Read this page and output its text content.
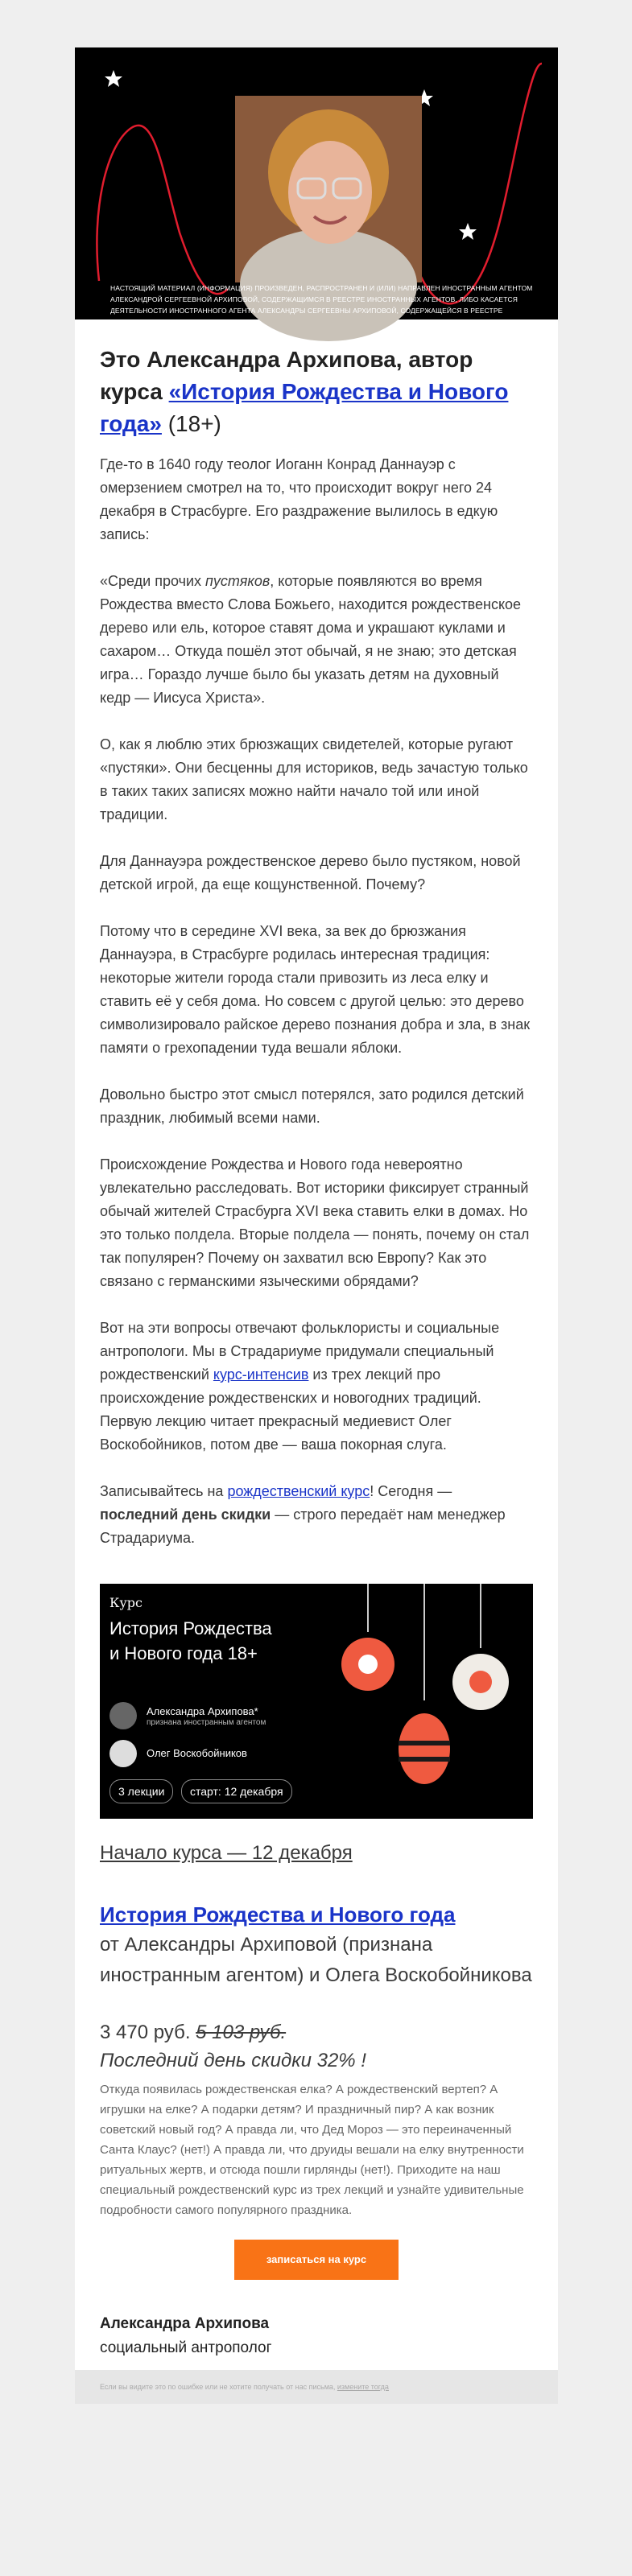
НАСТОЯЩИЙ МАТЕРИАЛ (ИНФОРМАЦИЯ) ПРОИЗВЕДЕН, РАСПРОСТРАНЕН И (ИЛИ) НАПРАВЛЕН ИНОСТРАННЫМ АГЕНТОМ АЛЕКСАНДРОЙ СЕРГЕЕВНОЙ АРХИПОВОЙ, СОДЕРЖАЩИМСЯ В РЕЕСТРЕ ИНОСТРАННЫХ АГЕНТОВ, ЛИБО КАСАЕТСЯ ДЕЯТЕЛЬНОСТИ ИНОСТРАННОГО АГЕНТА АЛЕКСАНДРЫ СЕРГЕЕВНЫ АРХИПОВОЙ, СОДЕРЖАЩЕЙСЯ В РЕЕСТРЕ ИНОСТРАННЫХ АГЕНТОВ 18+
Это Александра Архипова, автор курса «История Рождества и Нового года» (18+)

Где-то в 1640 году теолог Иоганн Конрад Даннауэр с омерзением смотрел на то, что происходит вокруг него 24 декабря в Страсбурге. Его раздражение вылилось в едкую запись:

«Среди прочих пустяков, которые появляются во время Рождества вместо Слова Божьего, находится рождественское дерево или ель, которое ставят дома и украшают куклами и сахаром… Откуда пошёл этот обычай, я не знаю; это детская игра… Гораздо лучше было бы указать детям на духовный кедр — Иисуса Христа».

О, как я люблю этих брюзжащих свидетелей, которые ругают «пустяки». Они бесценны для историков, ведь зачастую только в таких таких записях можно найти начало той или иной традиции.

Для Даннауэра рождественское дерево было пустяком, новой детской игрой, да еще кощунственной. Почему?

Потому что в середине XVI века, за век до брюзжания Даннауэра, в Страсбурге родилась интересная традиция: некоторые жители города стали привозить из леса елку и ставить её у себя дома. Но совсем с другой целью: это дерево символизировало райское дерево познания добра и зла, в знак памяти о грехопадении туда вешали яблоки.

Довольно быстро этот смысл потерялся, зато родился детский праздник, любимый всеми нами.

Происхождение Рождества и Нового года невероятно увлекательно расследовать. Вот историки фиксирует странный обычай жителей Страсбурга XVI века ставить елки в домах. Но это только полдела. Вторые полдела — понять, почему он стал так популярен? Почему он захватил всю Европу? Как это связано с германскими языческими обрядами?

Вот на эти вопросы отвечают фольклористы и социальные антропологи. Мы в Страдариуме придумали специальный рождественский курс-интенсив из трех лекций про происхождение рождественских и новогодних традиций. Первую лекцию читает прекрасный медиевист Олег Воскобойников, потом две — ваша покорная слуга.

Записывайтесь на рождественский курс! Сегодня — последний день скидки — строго передаёт нам менеджер Страдариума.

Курс
История Рождества
и Нового года 18+
Александра Архипова*
признана иностранным агентом
Олег Воскобойников
3 лекции	старт: 12 декабря
Начало курса — 12 декабря
История Рождества и Нового года
от Александры Архиповой (признана иностранным агентом) и Олега Воскобойникова
3 470 руб. 5 103 руб.
Последний день скидки 32% !
Откуда появилась рождественская елка? А рождественский вертеп? А игрушки на елке? А подарки детям? И праздничный пир? А как возник советский новый год? А правда ли, что Дед Мороз — это переиначенный Санта Клаус? (нет!) А правда ли, что друиды вешали на елку внутренности ритуальных жертв, и отсюда пошли гирлянды (нет!). Приходите на наш специальный рождественский курс из трех лекций и узнайте удивительные подробности самого популярного праздника.
записаться на курс
Александра Архипова
социальный антрополог
Если вы видите это по ошибке или не хотите получать от нас письма, измените тогда
